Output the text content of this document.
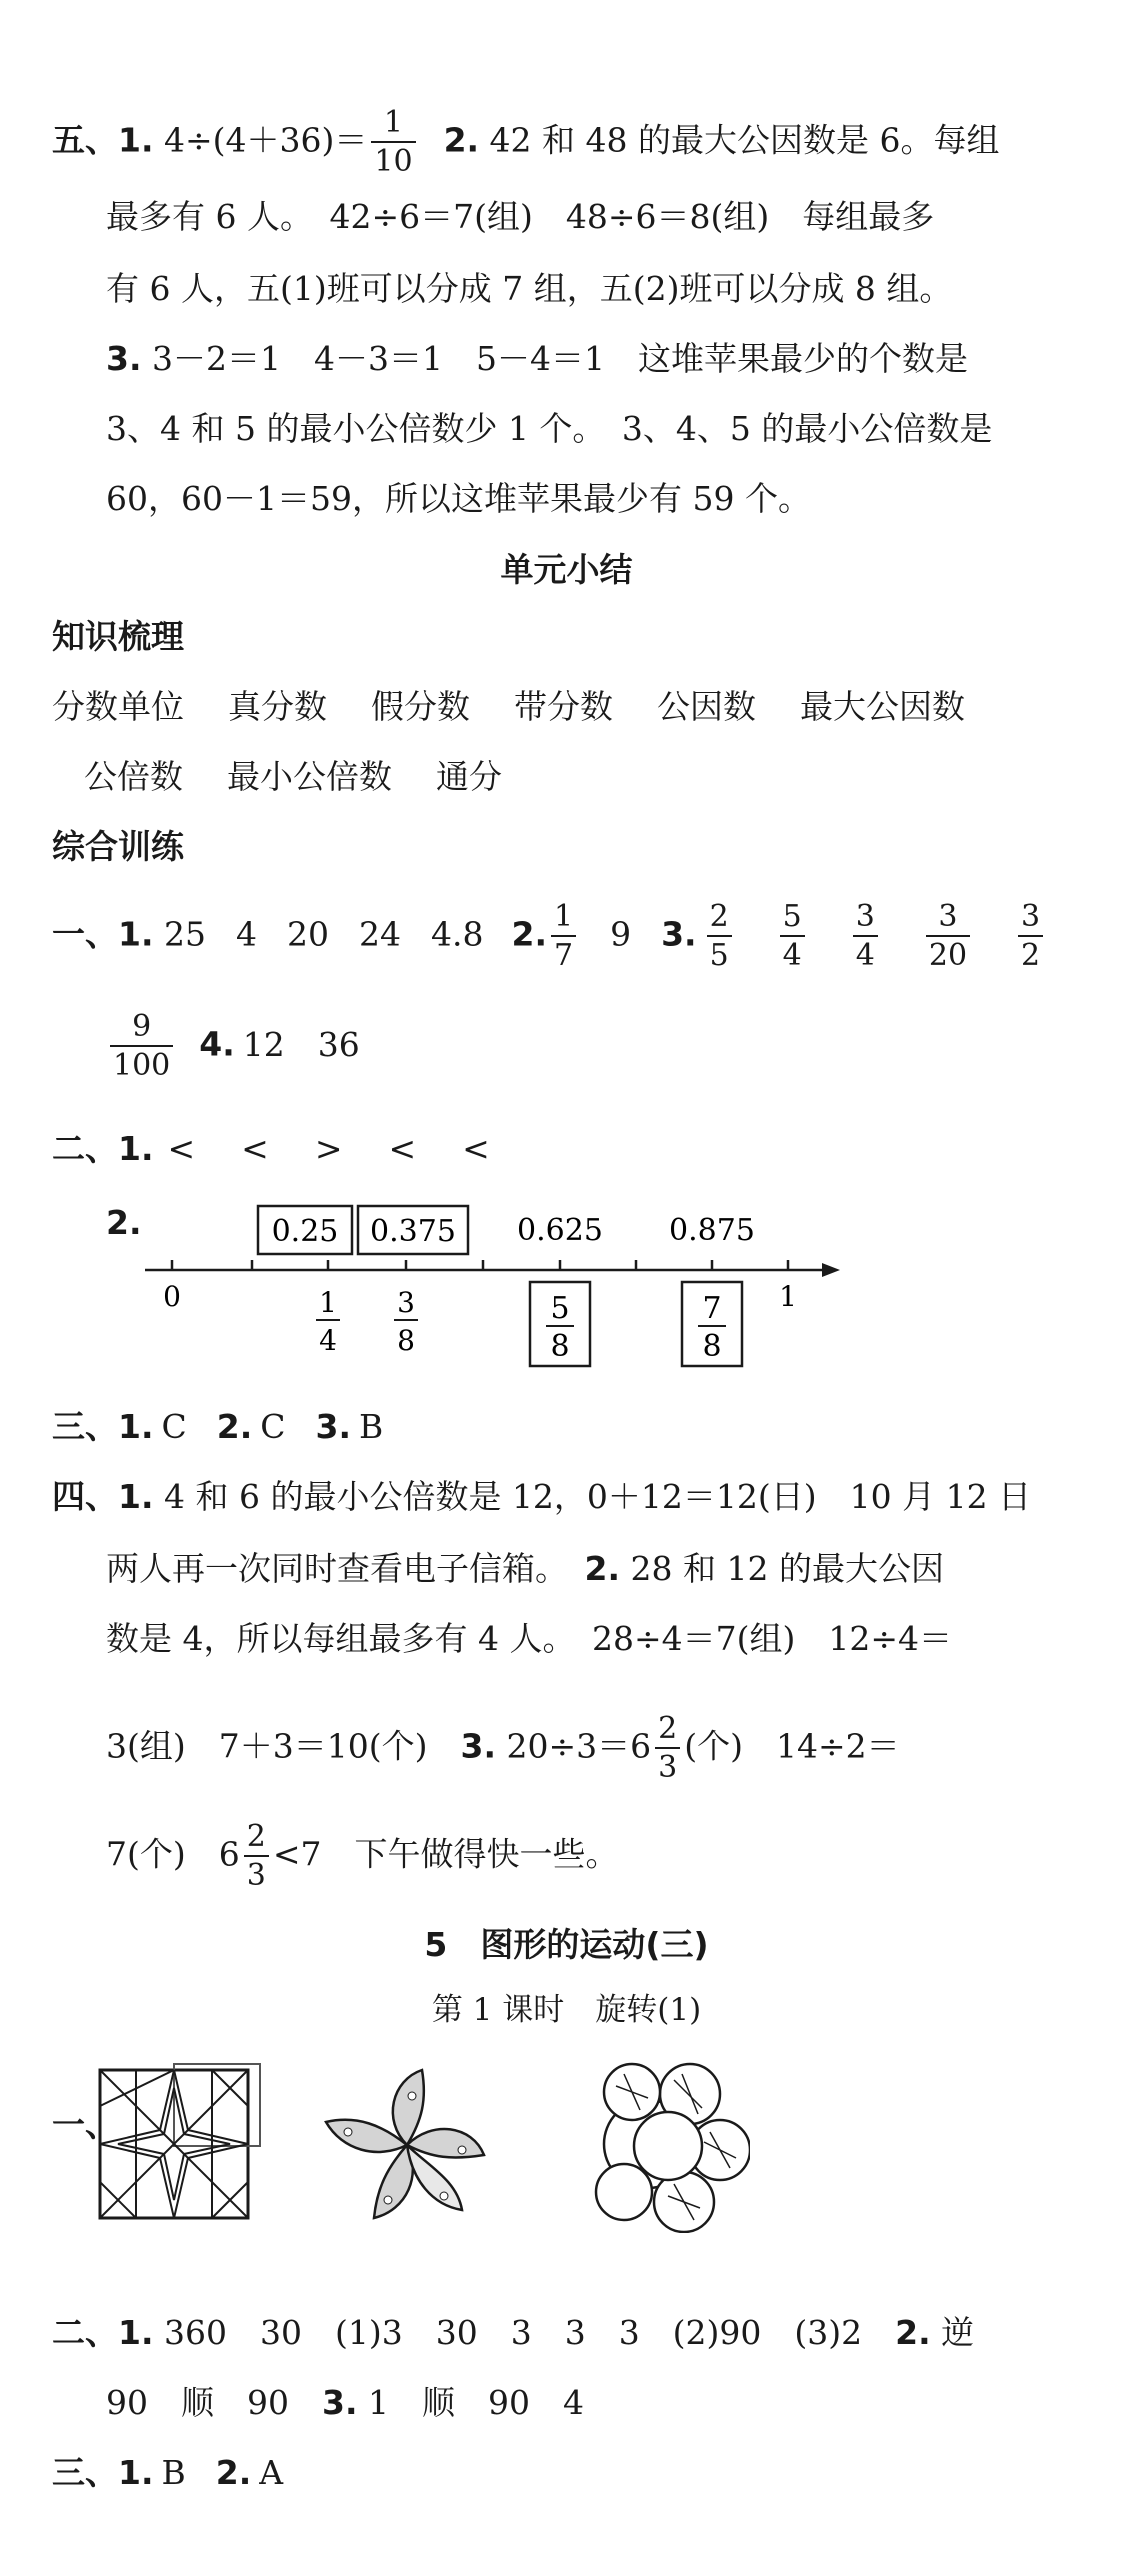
五、1. $4\div(4+36)= \frac{1}{10} 2$. 42 和 48 的最大公因数是 6。每组
最多有 6 人。　42÷6＝7(组)　48÷6＝8(组)　每组最多
有 6 人，五(1)班可以分成 7 组，五(2)班可以分成 8 组。
3. 3－2＝1　4－3＝1　5－4＝1　这堆苹果最少的个数是
3、4 和 5 的最小公倍数少 1 个。　3、4、5 的最小公倍数是
60，60－1＝59，所以这堆苹果最少有 59 个。
单元小结
知识梳理
分数单位 真分数 假分数 带分数 公因数 最大公因数
公倍数 最小公倍数 通分
综合训练
一、1. 25 4 20 24 4.8 2. $\frac{1}{7} 9$ 3. $\frac{2}{5} \frac{5}{4} \frac{3}{4} \frac{3}{20} \frac{3}{2}$
$\frac{9}{100} 4$. 12　36
二、1. < < > < <
2.
0	1
0.25 0.375 0.625 0.875
1
4
3
8
5
8
7
8
三、1. C 2. C 3. B
四、1. 4 和 6 的最小公倍数是 12，0＋12＝12(日)　10 月 12 日
两人再一次同时查看电子信箱。　2. 28 和 12 的最大公因
数是 4，所以每组最多有 4 人。　28÷4＝7(组)　12÷4＝
3(组)　7＋3＝10(个)　3. $20\div 3=6 \frac{2}{3}$ (个)　14÷2＝
7(个)　$6 \frac{2}{3} <7$　下午做得快一些。
5　图形的运动(三)
第 1 课时　旋转(1)
一、
二、1. 360　30　(1)3　30　3　3　3　(2)90　(3)2　2. 逆
90　顺　90　3. 1　顺　90　4
三、1. B 2. A
